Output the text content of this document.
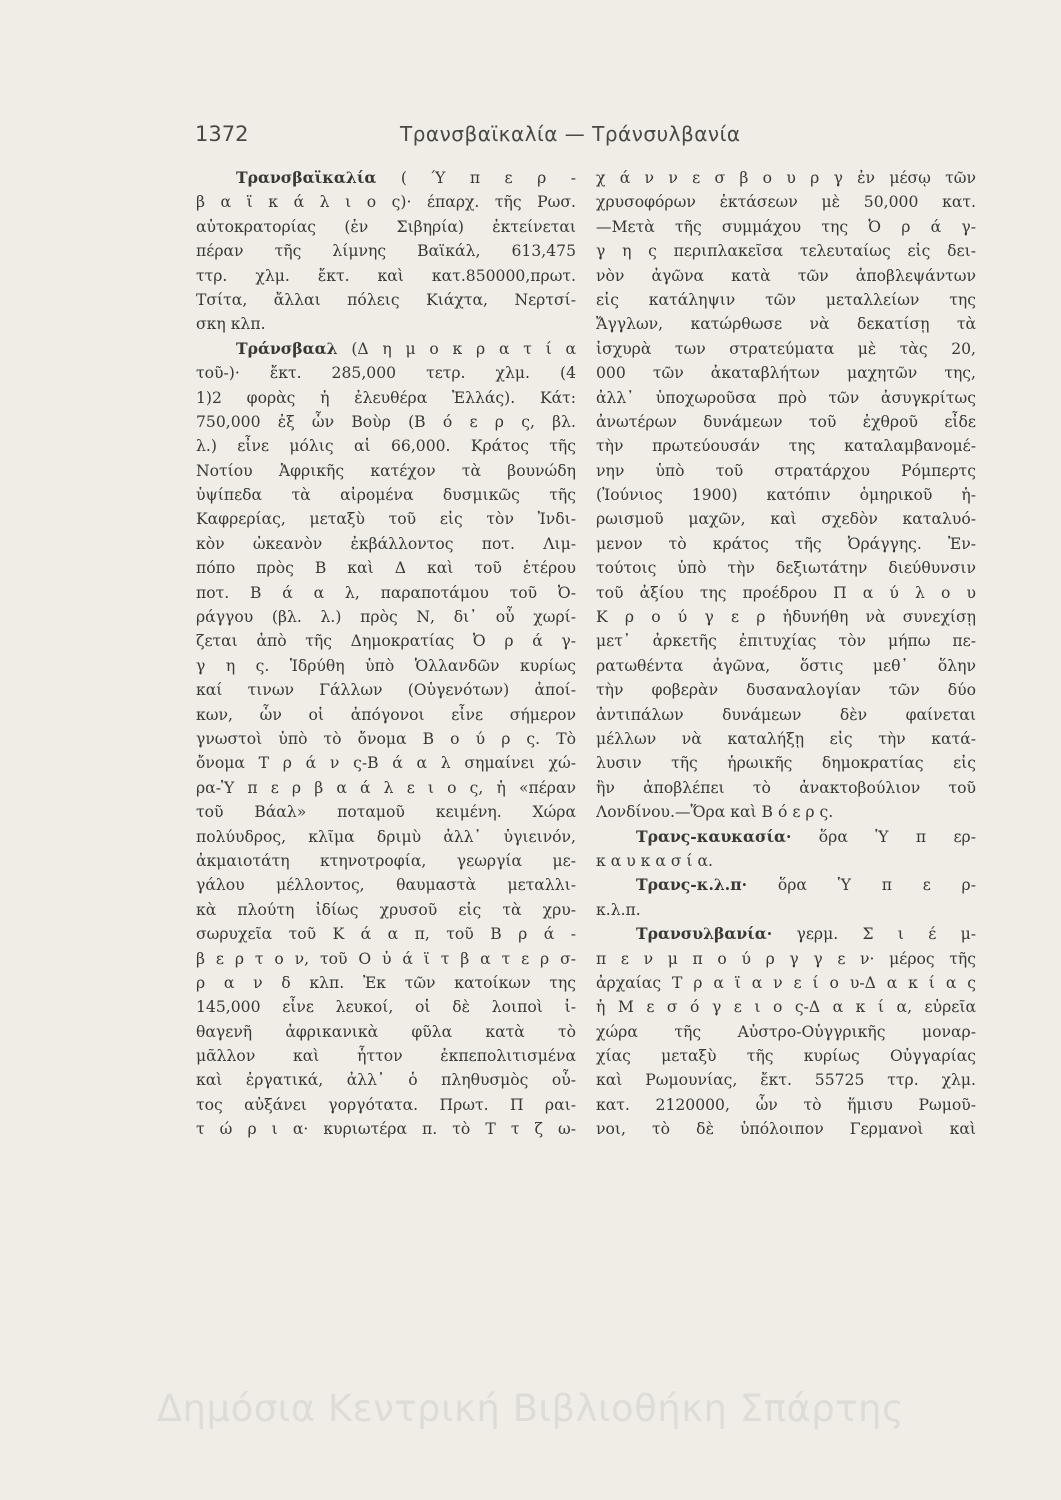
1372	Τρανσβαϊκαλία — Τράνσυλβανία
Τρανσβαϊκαλία ( Ύ π ε ρ -
β α ϊ κ ά λ ι ο ς)· έπαρχ. τῆς Ρωσ.
αὐτοκρατορίας (ἐν Σιβηρία) ἐκτείνεται
πέραν τῆς λίμνης Βαϊκάλ, 613,475
ττρ. χλμ. ἔκτ. καὶ κατ.850000,πρωτ.
Τσίτα, ἄλλαι πόλεις Κιάχτα, Νερτσί-
σκη κλπ.
Τράνσβααλ (Δ η μ ο κ ρ α τ ί α
τοῦ-)· ἔκτ. 285,000 τετρ. χλμ. (4
1)2 φορὰς ἡ ἐλευθέρα Ἑλλάς). Κάτ:
750,000 ἐξ ὧν Βοὺρ (Β ό ε ρ ς, βλ.
λ.) εἶνε μόλις αἱ 66,000. Κράτος τῆς
Νοτίου Ἀφρικῆς κατέχον τὰ βουνώδη
ὑψίπεδα τὰ αἰρομένα δυσμικῶς τῆς
Καφρερίας, μεταξὺ τοῦ εἰς τὸν Ἰνδι-
κὸν ὠκεανὸν ἐκβάλλοντος ποτ. Λιμ-
πόπο πρὸς Β καὶ Δ καὶ τοῦ ἑτέρου
ποτ. Β ά α λ, παραποτάμου τοῦ Ὀ-
ράγγου (βλ. λ.) πρὸς Ν, δι᾽ οὗ χωρί-
ζεται ἀπὸ τῆς Δημοκρατίας Ὀ ρ ά γ-
γ η ς. Ἱδρύθη ὑπὸ Ὁλλανδῶν κυρίως
καί τινων Γάλλων (Οὑγενότων) ἀποί-
κων, ὧν οἱ ἀπόγονοι εἶνε σήμερον
γνωστοὶ ὑπὸ τὸ ὄνομα Β ο ύ ρ ς. Τὸ
ὄνομα Τ ρ ά ν ς-Β ά α λ σημαίνει χώ-
ρα-Ὑ π ε ρ β α ά λ ε ι ο ς, ἡ «πέραν
τοῦ Βάαλ» ποταμοῦ κειμένη. Χώρα
πολύυδρος, κλῖμα δριμὺ ἀλλ᾽ ὑγιεινόν,
ἀκμαιοτάτη κτηνοτροφία, γεωργία με-
γάλου μέλλοντος, θαυμαστὰ μεταλλι-
κὰ πλούτη ἰδίως χρυσοῦ εἰς τὰ χρυ-
σωρυχεῖα τοῦ Κ ά α π, τοῦ Β ρ ά -
β ε ρ τ ο ν, τοῦ Ο ὐ ά ϊ τ β α τ ε ρ σ-
ρ α ν δ κλπ. Ἐκ τῶν κατοίκων της
145,000 εἶνε λευκοί, οἱ δὲ λοιποὶ ἰ-
θαγενῆ ἀφρικανικὰ φῦλα κατὰ τὸ
μᾶλλον καὶ ἧττον ἐκπεπολιτισμένα
καὶ ἐργατικά, ἀλλ᾽ ὁ πληθυσμὸς οὗ-
τος αὐξάνει γοργότατα. Πρωτ. Π ραι-
τ ώ ρ ι α· κυριωτέρα π. τὸ Τ τ ζ ω-
χ ά ν ν ε σ β ο υ ρ γ ἐν μέσῳ τῶν
χρυσοφόρων ἐκτάσεων μὲ 50,000 κατ.
—Μετὰ τῆς συμμάχου της Ὀ ρ ά γ-
γ η ς περιπλακεῖσα τελευταίως εἰς δει-
νὸν ἀγῶνα κατὰ τῶν ἀποβλεψάντων
εἰς κατάληψιν τῶν μεταλλείων της
Ἄγγλων, κατώρθωσε νὰ δεκατίσῃ τὰ
ἰσχυρὰ των στρατεύματα μὲ τὰς 20,
000 τῶν ἀκαταβλήτων μαχητῶν της,
ἀλλ᾽ ὑποχωροῦσα πρὸ τῶν ἀσυγκρίτως
ἀνωτέρων δυνάμεων τοῦ ἐχθροῦ εἶδε
τὴν πρωτεύουσάν της καταλαμβανομέ-
νην ὑπὸ τοῦ στρατάρχου Ρόμπερτς
(Ἰούνιος 1900) κατόπιν ὁμηρικοῦ ἡ-
ρωισμοῦ μαχῶν, καὶ σχεδὸν καταλυό-
μενον τὸ κράτος τῆς Ὀράγγης. Ἐν-
τούτοις ὑπὸ τὴν δεξιωτάτην διεύθυνσιν
τοῦ ἀξίου της προέδρου Π α ύ λ ο υ
Κ ρ ο ύ γ ε ρ ἠδυνήθη νὰ συνεχίσῃ
μετ᾽ ἀρκετῆς ἐπιτυχίας τὸν μήπω πε-
ρατωθέντα ἀγῶνα, ὅστις μεθ᾽ ὅλην
τὴν φοβερὰν δυσαναλογίαν τῶν δύο
ἀντιπάλων δυνάμεων δὲν φαίνεται
μέλλων νὰ καταλήξῃ εἰς τὴν κατά-
λυσιν τῆς ἡρωικῆς δημοκρατίας εἰς
ἣν ἀποβλέπει τὸ ἀνακτοβούλιον τοῦ
Λονδίνου.—Ὅρα καὶ Β ό ε ρ ς.
Τρανς-καυκασία· ὅρα Ὑ π ερ-
κ α υ κ α σ ί α.
Τρανς-κ.λ.π· ὅρα Ὑ π ε ρ-
κ.λ.π.
Τρανσυλβανία· γερμ. Σ ι έ μ-
π ε ν μ π ο ύ ρ γ γ ε ν· μέρος τῆς
ἀρχαίας Τ ρ α ϊ α ν ε ί ο υ-Δ α κ ί α ς
ἡ Μ ε σ ό γ ε ι ο ς-Δ α κ ί α, εὐρεῖα
χώρα τῆς Αὐστρο-Οὐγγρικῆς μοναρ-
χίας μεταξὺ τῆς κυρίως Οὐγγαρίας
καὶ Ρωμουνίας, ἔκτ. 55725 ττρ. χλμ.
κατ. 2120000, ὧν τὸ ἥμισυ Ρωμοῦ-
νοι, τὸ δὲ ὑπόλοιπον Γερμανοὶ καὶ
Δημόσια Κεντρική Βιβλιοθήκη Σπάρτης
